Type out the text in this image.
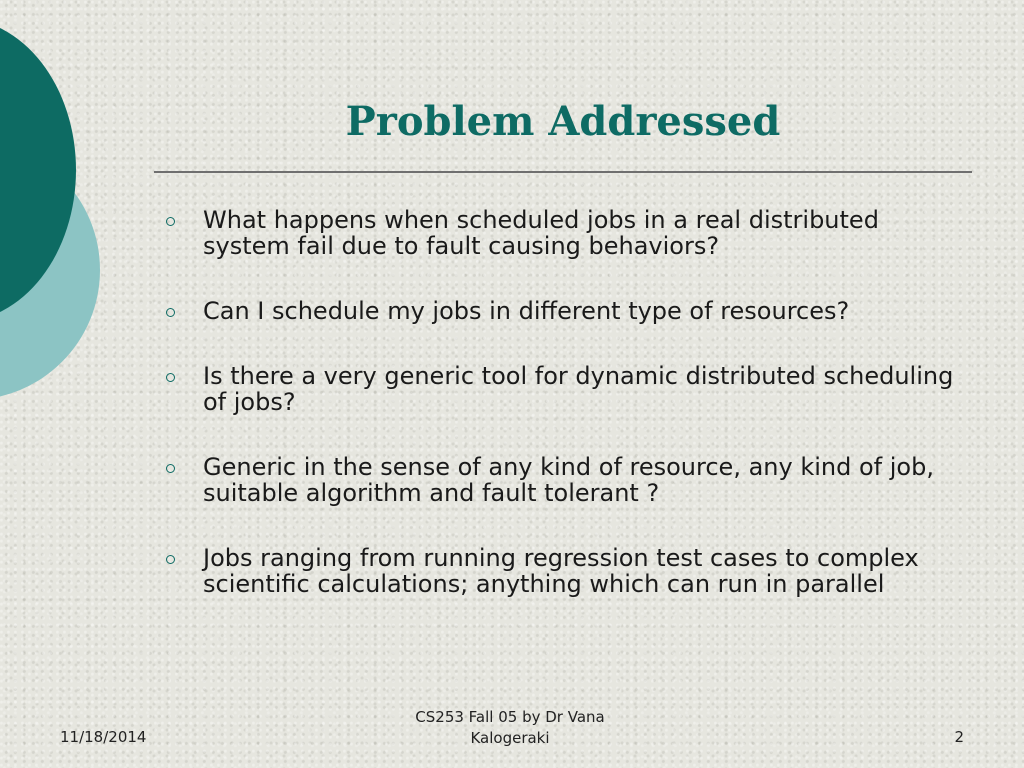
Problem Addressed
What happens when scheduled jobs in a real distributed system fail due to fault causing behaviors?
Can I schedule my jobs in different type of resources?
Is there a very generic tool for dynamic distributed scheduling of jobs?
Generic in the sense of any kind of resource, any kind of job, suitable algorithm and fault tolerant ?
Jobs ranging from running regression test cases to complex scientific calculations; anything which can run in parallel
11/18/2014
CS253 Fall 05 by Dr Vana Kalogeraki	2
